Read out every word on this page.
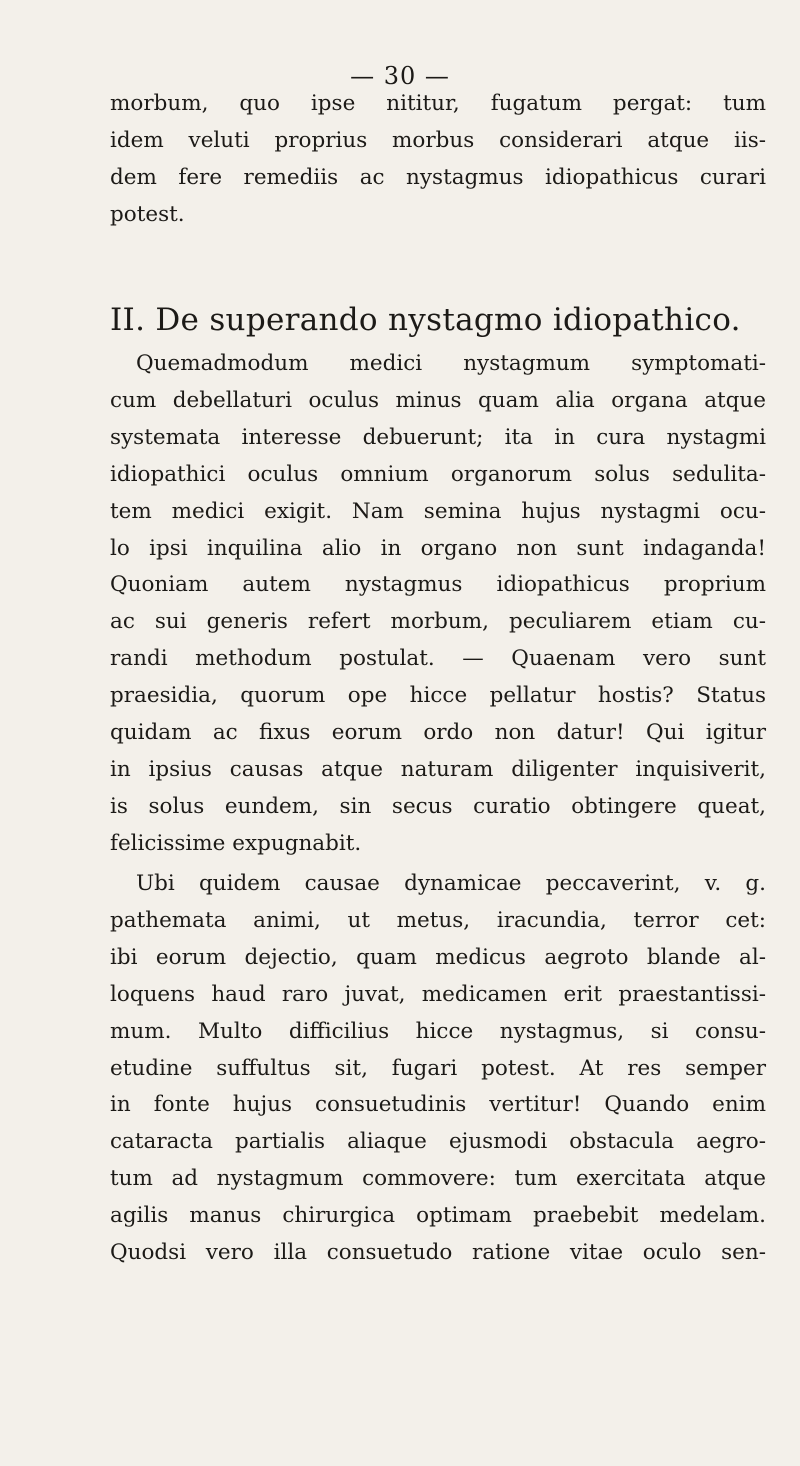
— 30 —
morbum, quo ipse nititur, fugatum pergat: tum
idem veluti proprius morbus considerari atque iis-
dem fere remediis ac nystagmus idiopathicus curari
potest.
II. De superando nystagmo idiopathico.
Quemadmodum medici nystagmum symptomati-
cum debellaturi oculus minus quam alia organa atque
systemata interesse debuerunt; ita in cura nystagmi
idiopathici oculus omnium organorum solus sedulita-
tem medici exigit. Nam semina hujus nystagmi ocu-
lo ipsi inquilina alio in organo non sunt indaganda!
Quoniam autem nystagmus idiopathicus proprium
ac sui generis refert morbum, peculiarem etiam cu-
randi methodum postulat. — Quaenam vero sunt
praesidia, quorum ope hicce pellatur hostis? Status
quidam ac fixus eorum ordo non datur! Qui igitur
in ipsius causas atque naturam diligenter inquisiverit,
is solus eundem, sin secus curatio obtingere queat,
felicissime expugnabit.
Ubi quidem causae dynamicae peccaverint, v. g.
pathemata animi, ut metus, iracundia, terror cet:
ibi eorum dejectio, quam medicus aegroto blande al-
loquens haud raro juvat, medicamen erit praestantissi-
mum. Multo difficilius hicce nystagmus, si consu-
etudine suffultus sit, fugari potest. At res semper
in fonte hujus consuetudinis vertitur! Quando enim
cataracta partialis aliaque ejusmodi obstacula aegro-
tum ad nystagmum commovere: tum exercitata atque
agilis manus chirurgica optimam praebebit medelam.
Quodsi vero illa consuetudo ratione vitae oculo sen-
